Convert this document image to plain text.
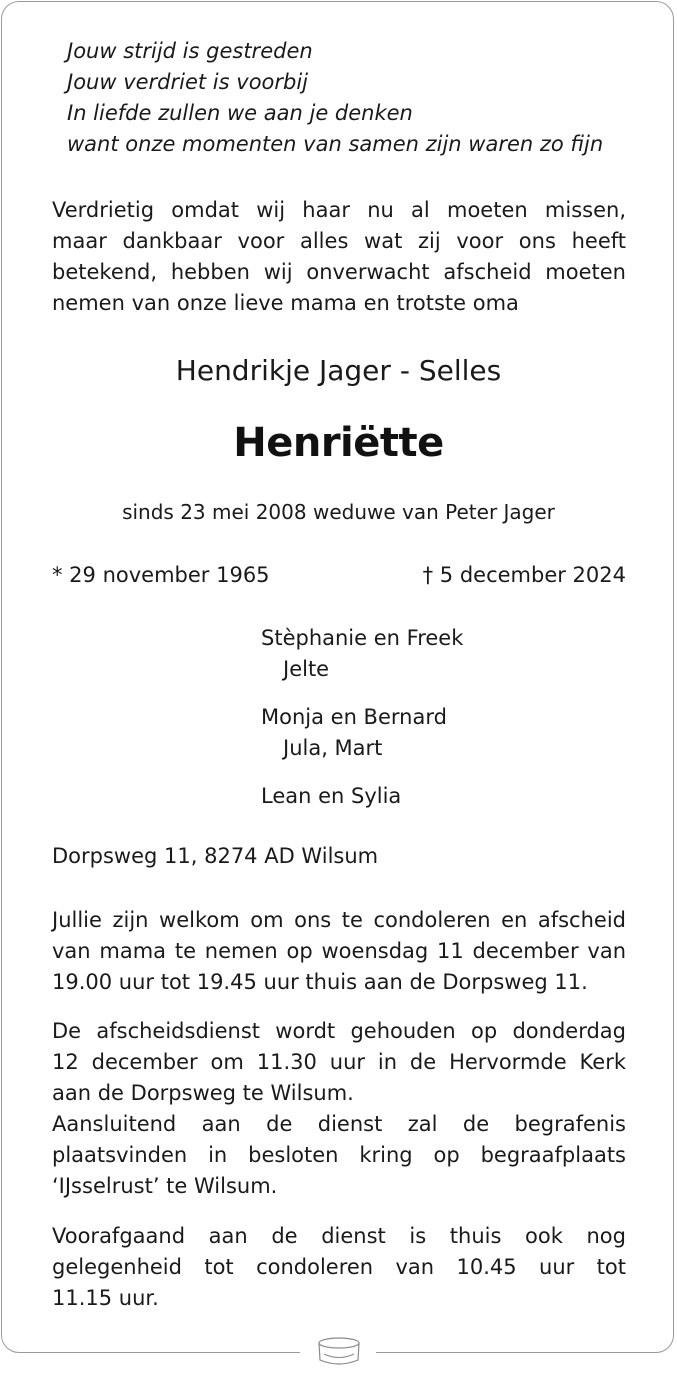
Jouw strijd is gestreden
Jouw verdriet is voorbij
In liefde zullen we aan je denken
want onze momenten van samen zijn waren zo fijn
Verdrietig omdat wij haar nu al moeten missen,
maar dankbaar voor alles wat zij voor ons heeft
betekend, hebben wij onverwacht afscheid moeten
nemen van onze lieve mama en trotste oma
Hendrikje Jager - Selles
Henriëtte
sinds 23 mei 2008 weduwe van Peter Jager
* 29 november 1965	† 5 december 2024
Stèphanie en Freek
Jelte
Monja en Bernard
Jula, Mart
Lean en Sylia
Dorpsweg 11, 8274 AD Wilsum
Jullie zijn welkom om ons te condoleren en afscheid
van mama te nemen op woensdag 11 december van
19.00 uur tot 19.45 uur thuis aan de Dorpsweg 11.
De afscheidsdienst wordt gehouden op donderdag
12 december om 11.30 uur in de Hervormde Kerk
aan de Dorpsweg te Wilsum.
Aansluitend aan de dienst zal de begrafenis
plaatsvinden in besloten kring op begraafplaats
‘IJsselrust’ te Wilsum.
Voorafgaand aan de dienst is thuis ook nog
gelegenheid tot condoleren van 10.45 uur tot
11.15 uur.
